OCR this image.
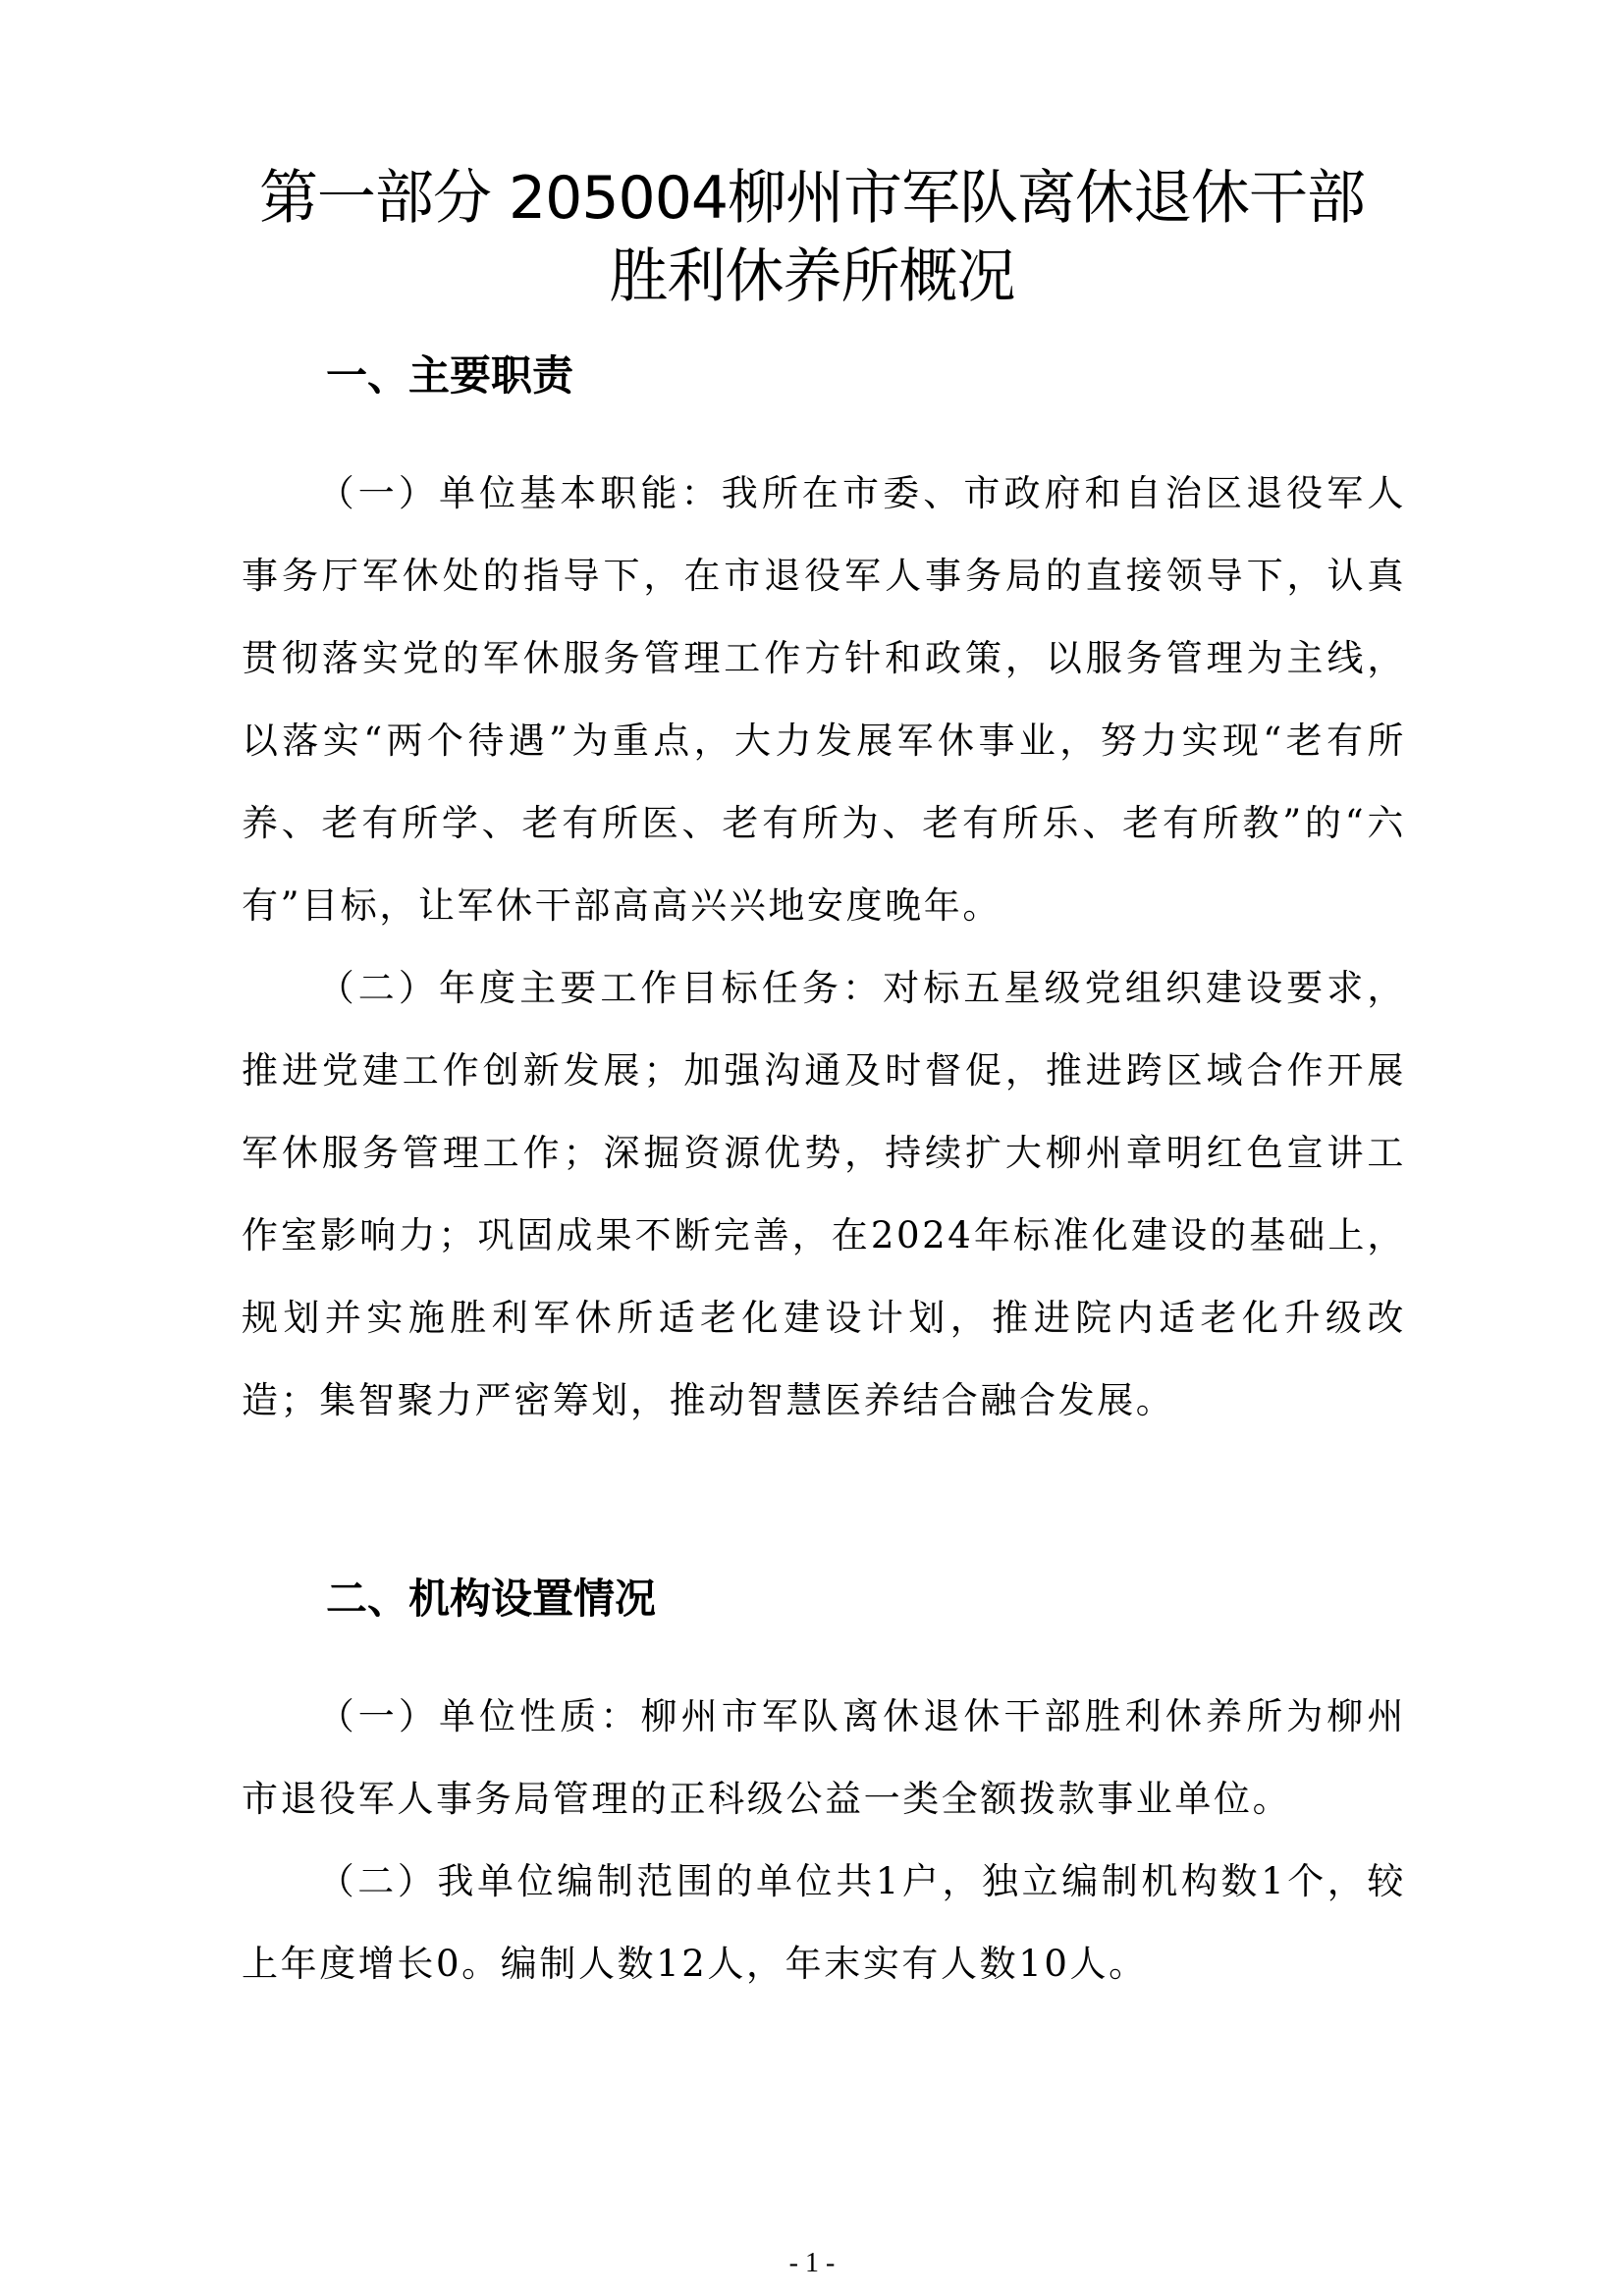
第一部分 205004柳州市军队离休退休干部
胜利休养所概况
一、主要职责

（一）单位基本职能：我所在市委、市政府和自治区退役军人事务厅军休处的指导下，在市退役军人事务局的直接领导下，认真贯彻落实党的军休服务管理工作方针和政策，以服务管理为主线，以落实“两个待遇”为重点，大力发展军休事业，努力实现“老有所养、老有所学、老有所医、老有所为、老有所乐、老有所教”的“六有”目标，让军休干部高高兴兴地安度晚年。

（二）年度主要工作目标任务：对标五星级党组织建设要求，推进党建工作创新发展；加强沟通及时督促，推进跨区域合作开展军休服务管理工作；深掘资源优势，持续扩大柳州章明红色宣讲工作室影响力；巩固成果不断完善，在2024年标准化建设的基础上，规划并实施胜利军休所适老化建设计划，推进院内适老化升级改造；集智聚力严密筹划，推动智慧医养结合融合发展。

二、机构设置情况

（一）单位性质：柳州市军队离休退休干部胜利休养所为柳州市退役军人事务局管理的正科级公益一类全额拨款事业单位。

（二）我单位编制范围的单位共1户，独立编制机构数1个，较上年度增长0。编制人数12人，年末实有人数10人。

- 1 -
